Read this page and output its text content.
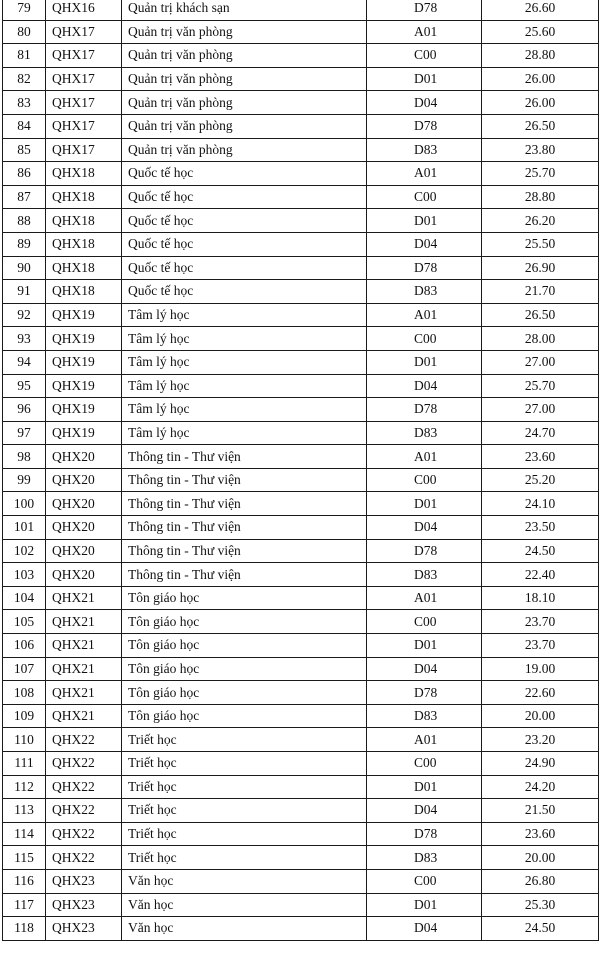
79	QHX16	Quản trị khách sạn	D78	26.60
80	QHX17	Quản trị văn phòng	A01	25.60
81	QHX17	Quản trị văn phòng	C00	28.80
82	QHX17	Quản trị văn phòng	D01	26.00
83	QHX17	Quản trị văn phòng	D04	26.00
84	QHX17	Quản trị văn phòng	D78	26.50
85	QHX17	Quản trị văn phòng	D83	23.80
86	QHX18	Quốc tế học	A01	25.70
87	QHX18	Quốc tế học	C00	28.80
88	QHX18	Quốc tế học	D01	26.20
89	QHX18	Quốc tế học	D04	25.50
90	QHX18	Quốc tế học	D78	26.90
91	QHX18	Quốc tế học	D83	21.70
92	QHX19	Tâm lý học	A01	26.50
93	QHX19	Tâm lý học	C00	28.00
94	QHX19	Tâm lý học	D01	27.00
95	QHX19	Tâm lý học	D04	25.70
96	QHX19	Tâm lý học	D78	27.00
97	QHX19	Tâm lý học	D83	24.70
98	QHX20	Thông tin - Thư viện	A01	23.60
99	QHX20	Thông tin - Thư viện	C00	25.20
100	QHX20	Thông tin - Thư viện	D01	24.10
101	QHX20	Thông tin - Thư viện	D04	23.50
102	QHX20	Thông tin - Thư viện	D78	24.50
103	QHX20	Thông tin - Thư viện	D83	22.40
104	QHX21	Tôn giáo học	A01	18.10
105	QHX21	Tôn giáo học	C00	23.70
106	QHX21	Tôn giáo học	D01	23.70
107	QHX21	Tôn giáo học	D04	19.00
108	QHX21	Tôn giáo học	D78	22.60
109	QHX21	Tôn giáo học	D83	20.00
110	QHX22	Triết học	A01	23.20
111	QHX22	Triết học	C00	24.90
112	QHX22	Triết học	D01	24.20
113	QHX22	Triết học	D04	21.50
114	QHX22	Triết học	D78	23.60
115	QHX22	Triết học	D83	20.00
116	QHX23	Văn học	C00	26.80
117	QHX23	Văn học	D01	25.30
118	QHX23	Văn học	D04	24.50
